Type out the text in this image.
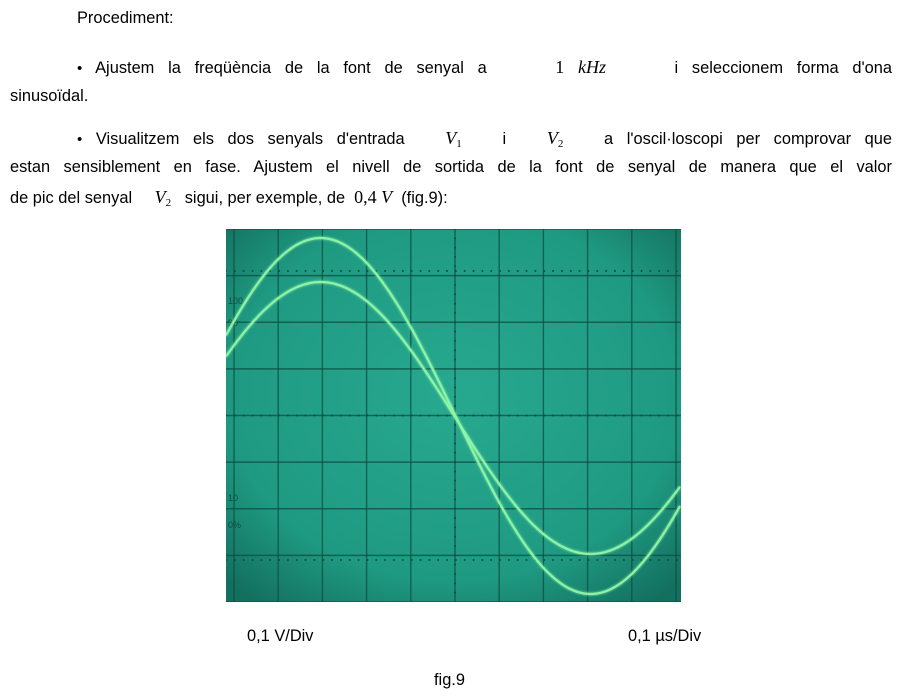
Procediment:
• Ajustem la freqüència de la font de senyal a	1 kHz	i seleccionem forma d'ona
sinusoïdal.
• Visualitzem els dos senyals d'entrada $V_1$ i $V_2$ a l'oscil·loscopi per comprovar que
estan sensiblement en fase. Ajustem el nivell de sortida de la font de senyal de manera que el valor
de pic del senyal $V_2$ sigui, per exemple, de 0,4 V (fig.9):
100
90
10
0%
0,1 V/Div	0,1 µs/Div
fig.9
